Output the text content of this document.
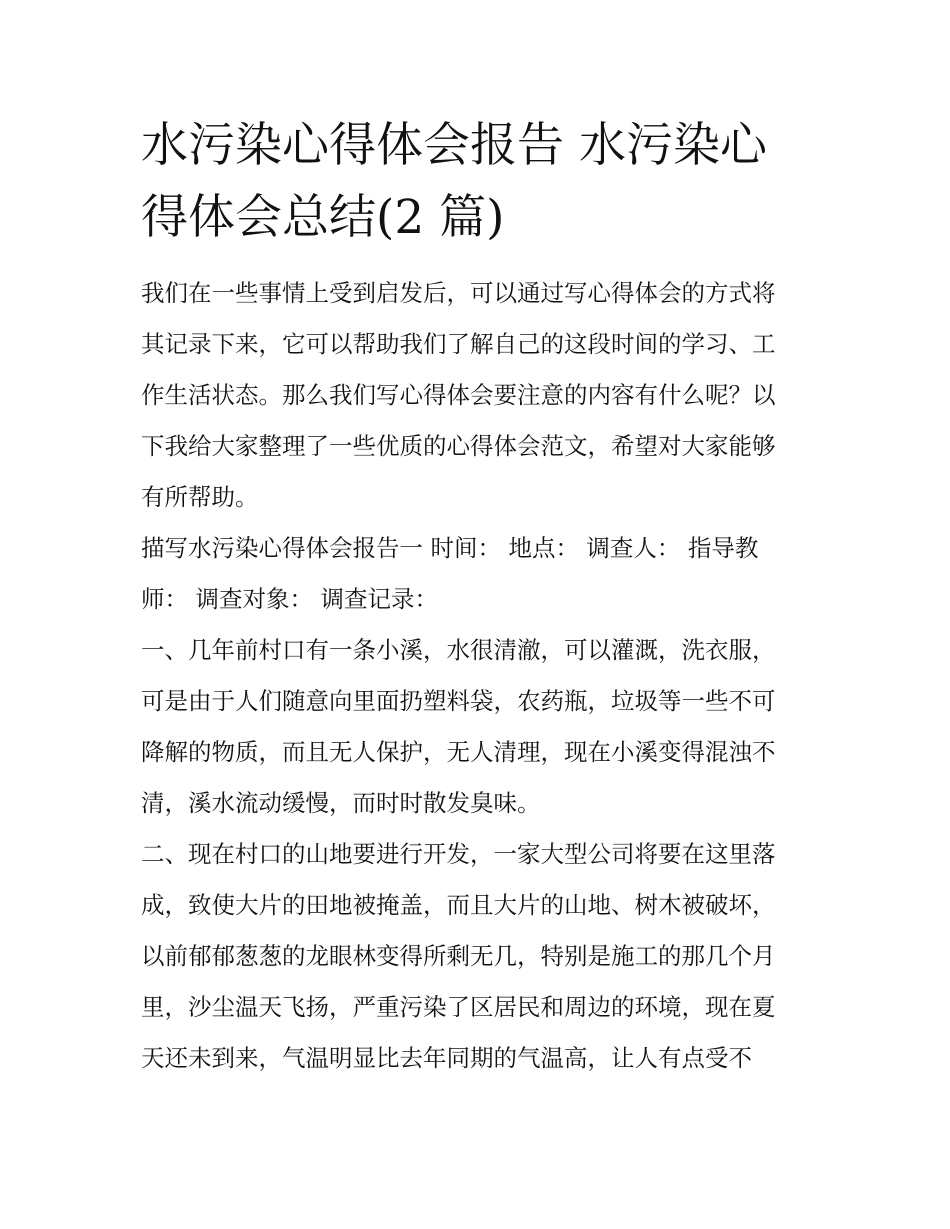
水污染心得体会报告 水污染心
得体会总结(2 篇)

我们在一些事情上受到启发后，可以通过写心得体会的方式将
其记录下来，它可以帮助我们了解自己的这段时间的学习、工
作生活状态。那么我们写心得体会要注意的内容有什么呢？以
下我给大家整理了一些优质的心得体会范文，希望对大家能够
有所帮助。

描写水污染心得体会报告一 时间： 地点： 调查人： 指导教
师： 调查对象： 调查记录：

一、几年前村口有一条小溪，水很清澈，可以灌溉，洗衣服，
可是由于人们随意向里面扔塑料袋，农药瓶，垃圾等一些不可
降解的物质，而且无人保护，无人清理，现在小溪变得混浊不
清，溪水流动缓慢，而时时散发臭味。

二、现在村口的山地要进行开发，一家大型公司将要在这里落
成，致使大片的田地被掩盖，而且大片的山地、树木被破坏，
以前郁郁葱葱的龙眼林变得所剩无几，特别是施工的那几个月
里，沙尘温天飞扬，严重污染了区居民和周边的环境，现在夏
天还未到来，气温明显比去年同期的气温高，让人有点受不
